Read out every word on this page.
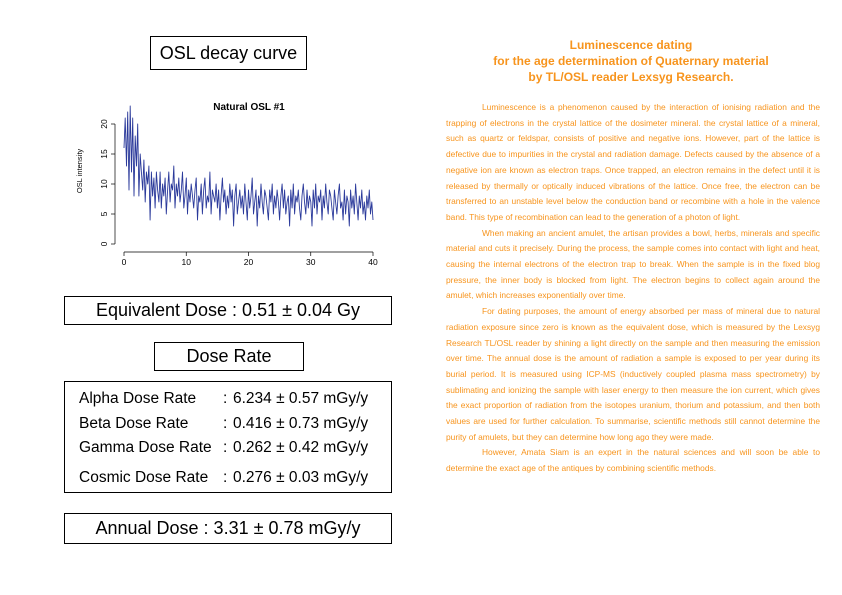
OSL decay curve
Natural OSL #1
OSL intensity
0	10	20	30	40
0
5
10
15
20
Equivalent Dose : 0.51 ± 0.04 Gy
Dose Rate
Alpha Dose Rate : 6.234 ± 0.57 mGy/y
Beta Dose Rate : 0.416 ± 0.73 mGy/y
Gamma Dose Rate : 0.262 ± 0.42 mGy/y
Cosmic Dose Rate : 0.276 ± 0.03 mGy/y
Annual Dose : 3.31 ± 0.78 mGy/y
Luminescence dating
for the age determination of Quaternary material
by TL/OSL reader Lexsyg Research.

Luminescence is a phenomenon caused by the interaction of ionising radiation and the trapping of electrons in the crystal lattice of the dosimeter mineral. the crystal lattice of a mineral, such as quartz or feldspar, consists of positive and negative ions. However, part of the lattice is defective due to impurities in the crystal and radiation damage. Defects caused by the absence of a negative ion are known as electron traps. Once trapped, an electron remains in the defect until it is released by thermally or optically induced vibrations of the lattice. Once free, the electron can be transferred to an unstable level below the conduction band or recombine with a hole in the valence band. This type of recombination can lead to the generation of a photon of light.

When making an ancient amulet, the artisan provides a bowl, herbs, minerals and specific material and cuts it precisely. During the process, the sample comes into contact with light and heat, causing the internal electrons of the electron trap to break. When the sample is in the fixed blog pressure, the inner body is blocked from light. The electron begins to collect again around the amulet, which increases exponentially over time.

For dating purposes, the amount of energy absorbed per mass of mineral due to natural radiation exposure since zero is known as the equivalent dose, which is measured by the Lexsyg Research TL/OSL reader by shining a light directly on the sample and then measuring the emission over time. The annual dose is the amount of radiation a sample is exposed to per year during its burial period. It is measured using ICP-MS (inductively coupled plasma mass spectrometry) by sublimating and ionizing the sample with laser energy to then measure the ion current, which gives the exact proportion of radiation from the isotopes uranium, thorium and potassium, and then both values are used for further calculation. To summarise, scientific methods still cannot determine the purity of amulets, but they can determine how long ago they were made.

However, Amata Siam is an expert in the natural sciences and will soon be able to determine the exact age of the antiques by combining scientific methods.
